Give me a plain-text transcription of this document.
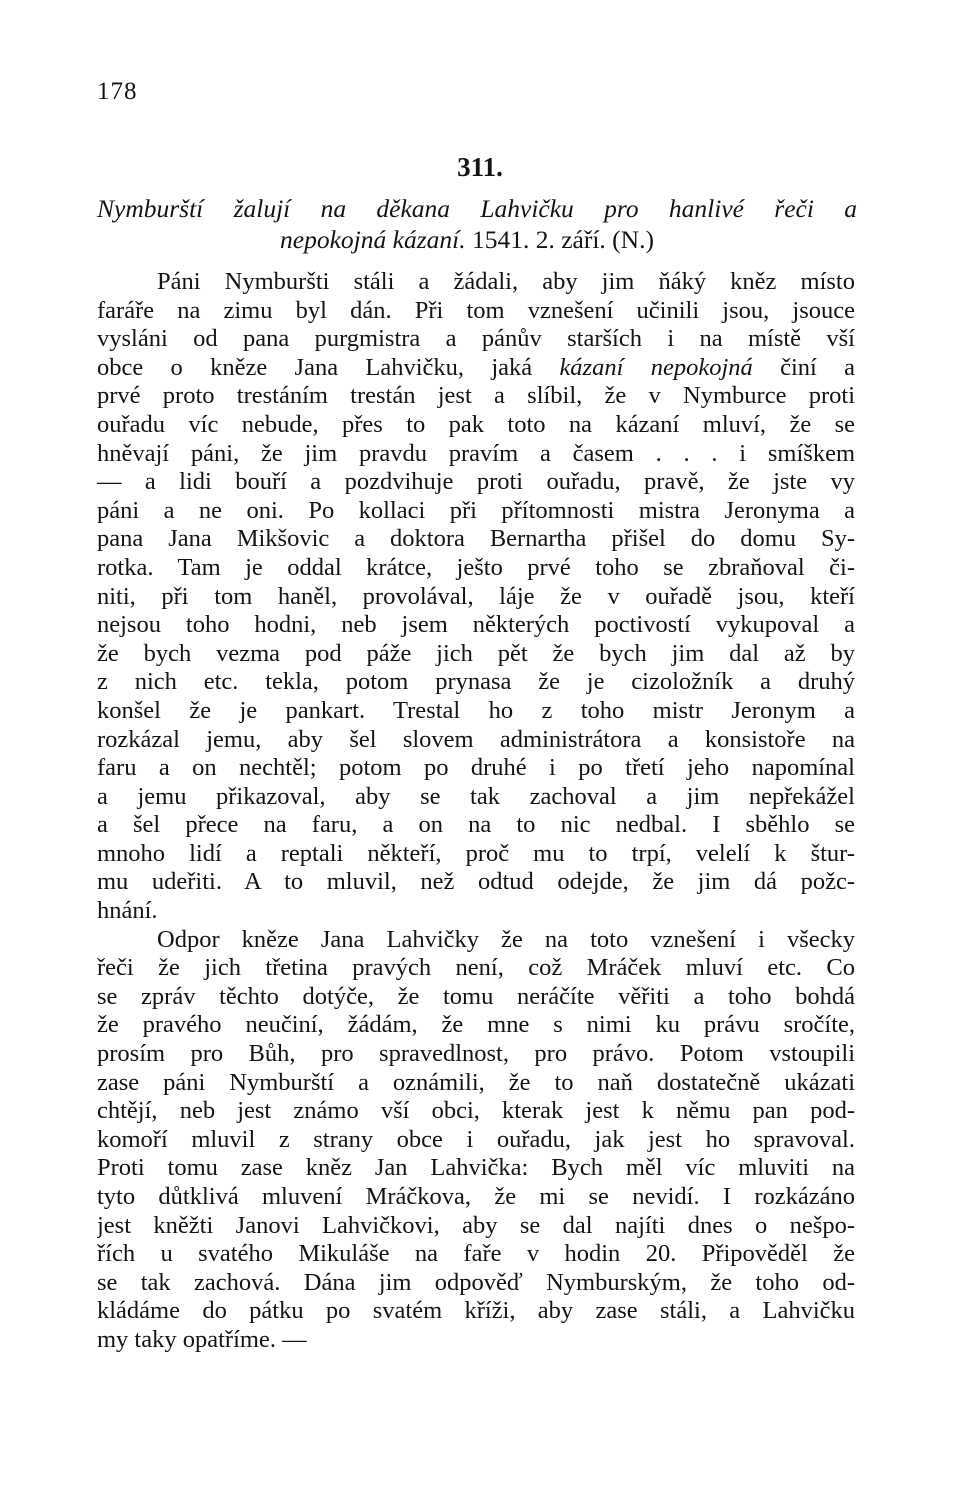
178
311.
Nymburští žalují na děkana Lahvičku pro hanlivé řeči a
nepokojná kázaní. 1541. 2. září. (N.)
Páni Nymburšti stáli a žádali, aby jim ňáký kněz místo
faráře na zimu byl dán. Při tom vznešení učinili jsou, jsouce
vysláni od pana purgmistra a pánův starších i na místě vší
obce o kněze Jana Lahvičku, jaká kázaní nepokojná činí a
prvé proto trestáním trestán jest a slíbil, že v Nymburce proti
ouřadu víc nebude, přes to pak toto na kázaní mluví, že se
hněvají páni, že jim pravdu pravím a časem . . . i smíškem
— a lidi bouří a pozdvihuje proti ouřadu, pravě, že jste vy
páni a ne oni. Po kollaci při přítomnosti mistra Jeronyma a
pana Jana Mikšovic a doktora Bernartha přišel do domu Sy-
rotka. Tam je oddal krátce, ješto prvé toho se zbraňoval či-
niti, při tom haněl, provolával, láje že v ouřadě jsou, kteří
nejsou toho hodni, neb jsem některých poctivostí vykupoval a
že bych vezma pod páže jich pět že bych jim dal až by
z nich etc. tekla, potom prynasa že je cizoložník a druhý
konšel že je pankart. Trestal ho z toho mistr Jeronym a
rozkázal jemu, aby šel slovem administrátora a konsistoře na
faru a on nechtěl; potom po druhé i po třetí jeho napomínal
a jemu přikazoval, aby se tak zachoval a jim nepřekážel
a šel přece na faru, a on na to nic nedbal. I sběhlo se
mnoho lidí a reptali někteří, proč mu to trpí, velelí k štur-
mu udeřiti. A to mluvil, než odtud odejde, že jim dá požc-
hnání.
Odpor kněze Jana Lahvičky že na toto vznešení i všecky
řeči že jich třetina pravých není, což Mráček mluví etc. Co
se zpráv těchto dotýče, že tomu neráčíte věřiti a toho bohdá
že pravého neučiní, žádám, že mne s nimi ku právu sročíte,
prosím pro Bůh, pro spravedlnost, pro právo. Potom vstoupili
zase páni Nymburští a oznámili, že to naň dostatečně ukázati
chtějí, neb jest známo vší obci, kterak jest k němu pan pod-
komoří mluvil z strany obce i ouřadu, jak jest ho spravoval.
Proti tomu zase kněz Jan Lahvička: Bych měl víc mluviti na
tyto důtklivá mluvení Mráčkova, že mi se nevidí. I rozkázáno
jest kněžti Janovi Lahvičkovi, aby se dal najíti dnes o nešpo-
řích u svatého Mikuláše na faře v hodin 20. Připověděl že
se tak zachová. Dána jim odpověď Nymburským, že toho od-
kládáme do pátku po svatém kříži, aby zase stáli, a Lahvičku
my taky opatříme. ––
